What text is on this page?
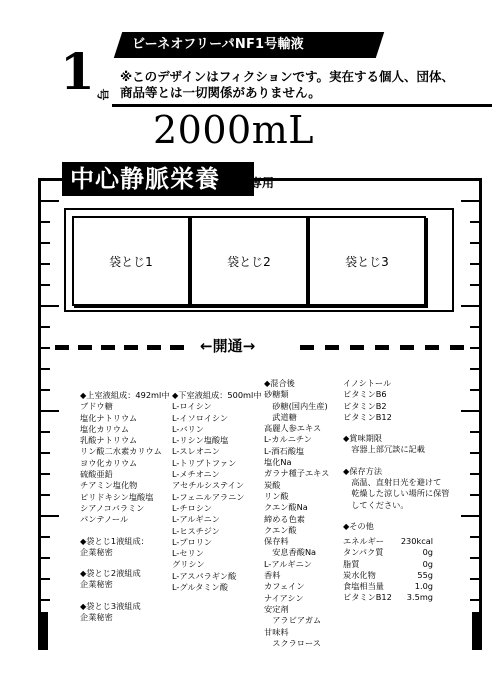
ビーネオフリーパNF1号輸液
1 号
※このデザインはフィクションです。実在する個人、団体、
商品等とは一切関係がありません。
2000mL
中心静脈栄養	専用
袋とじ1	袋とじ2	袋とじ3
←開通→
◆上室液組成：492ml中
ブドウ糖
塩化ナトリウム
塩化カリウム
乳酸ナトリウム
リン酸二水素カリウム
ヨウ化カリウム
硫酸亜鉛
チアミン塩化物
ピリドキシン塩酸塩
シアノコバラミン
パンテノール
◆袋とじ1液組成：
企業秘密
◆袋とじ2液組成
企業秘密
◆袋とじ3液組成
企業秘密
◆下室液組成：500ml中
L-ロイシン
L-イソロイシン
L-バリン
L-リシン塩酸塩
L-スレオニン
L-トリプトファン
L-メチオニン
アセチルシステイン
L-フェニルアラニン
L-チロシン
L-アルギニン
L-ヒスチジン
L-プロリン
L-セリン
グリシン
L-アスパラギン酸
L-グルタミン酸
◆混合後
砂糖類
　砂糖(国内生産)
　武道糖
高麗人参エキス
L-カルニチン
L-酒石酸塩
塩化Na
ガラナ種子エキス
炭酸
リン酸
クエン酸Na
締める色素
クエン酸
保存料
　安息香酸Na
L-アルギニン
香料
カフェイン
ナイアシン
安定剤
　アラビアガム
甘味料
　スクラロース
イノシトール
ビタミンB6
ビタミンB2
ビタミンB12
◆賞味期限
　容器上部冗談に記載
◆保存方法
　高温、直射日光を避けて
　乾燥した涼しい場所に保管
　してください。
◆その他
エネルギー 230kcal
タンパク質	0g
脂質	0g
炭水化物	55g
食塩相当量	1.0g
ビタミンB12 3.5mg
